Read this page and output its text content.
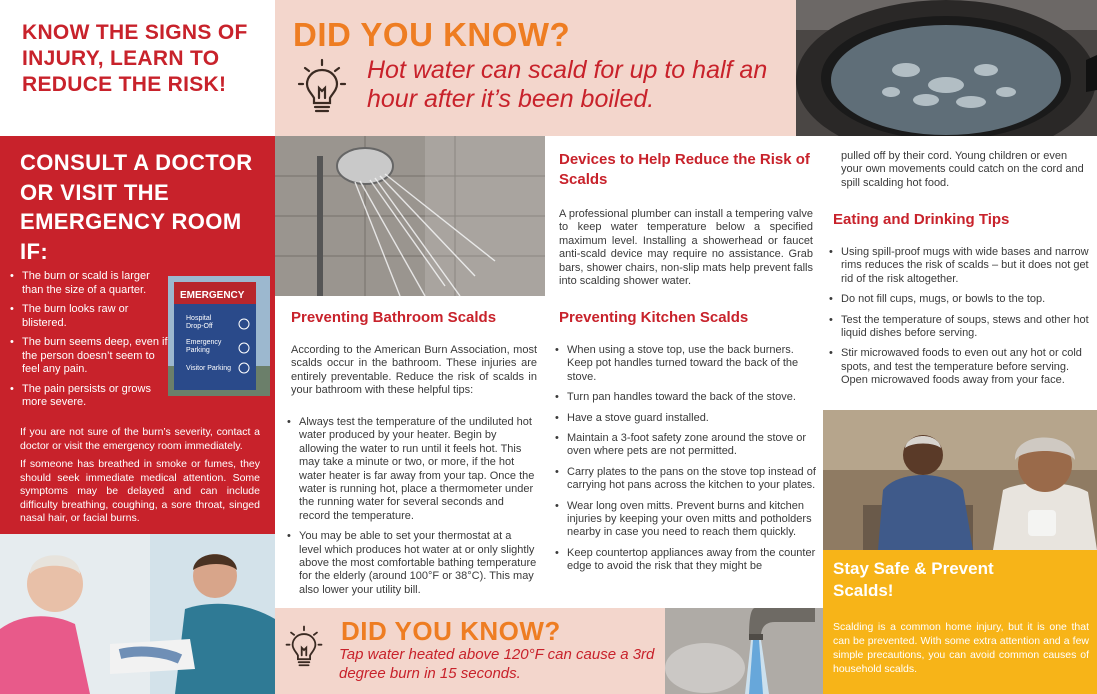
KNOW THE SIGNS OF INJURY, LEARN TO REDUCE THE RISK!
DID YOU KNOW?
Hot water can scald for up to half an hour after it’s been boiled.
CONSULT A DOCTOR OR VISIT THE EMERGENCY ROOM IF:
• The burn or scald is larger than the size of a quarter.
• The burn looks raw or blistered.
• The burn seems deep, even if the person doesn’t seem to feel any pain.
• The pain persists or grows more severe.
If you are not sure of the burn’s severity, contact a doctor or visit the emergency room immediately.
If someone has breathed in smoke or fumes, they should seek immediate medical attention. Some symptoms may be delayed and can include difficulty breathing, coughing, a sore throat, singed nasal hair, or facial burns.
EMERGENCY
Hospital
Drop-Off
Emergency
Parking
Visitor Parking
Preventing Bathroom Scalds
According to the American Burn Association, most scalds occur in the bathroom. These injuries are entirely preventable. Reduce the risk of scalds in your bathroom with these helpful tips:
• Always test the temperature of the undiluted hot water produced by your heater. Begin by allowing the water to run until it feels hot. This may take a minute or two, or more, if the hot water heater is far away from your tap. Once the water is running hot, place a thermometer under the running water for several seconds and record the temperature.
• You may be able to set your thermostat at a level which produces hot water at or only slightly above the most comfortable bathing temperature for the elderly (around 100°F or 38°C). This may also lower your utility bill.
DID YOU KNOW?
Tap water heated above 120°F can cause a 3rd degree burn in 15 seconds.
Devices to Help Reduce the Risk of Scalds
A professional plumber can install a tempering valve to keep water temperature below a specified maximum level. Installing a showerhead or faucet anti-scald device may require no assistance. Grab bars, shower chairs, non-slip mats help prevent falls into scalding shower water.
Preventing Kitchen Scalds
• When using a stove top, use the back burners. Keep pot handles turned toward the back of the stove.
• Turn pan handles toward the back of the stove.
• Have a stove guard installed.
• Maintain a 3-foot safety zone around the stove or oven where pets are not permitted.
• Carry plates to the pans on the stove top instead of carrying hot pans across the kitchen to your plates.
• Wear long oven mitts. Prevent burns and kitchen injuries by keeping your oven mitts and potholders nearby in case you need to reach them quickly.
• Keep countertop appliances away from the counter edge to avoid the risk that they might be
pulled off by their cord. Young children or even your own movements could catch on the cord and spill scalding hot food.
Eating and Drinking Tips
• Using spill-proof mugs with wide bases and narrow rims reduces the risk of scalds – but it does not get rid of the risk altogether.
• Do not fill cups, mugs, or bowls to the top.
• Test the temperature of soups, stews and other hot liquid dishes before serving.
• Stir microwaved foods to even out any hot or cold spots, and test the temperature before serving. Open microwaved foods away from your face.
Stay Safe & Prevent Scalds!

Scalding is a common home injury, but it is one that can be prevented. With some extra attention and a few simple precautions, you can avoid common causes of household scalds.
